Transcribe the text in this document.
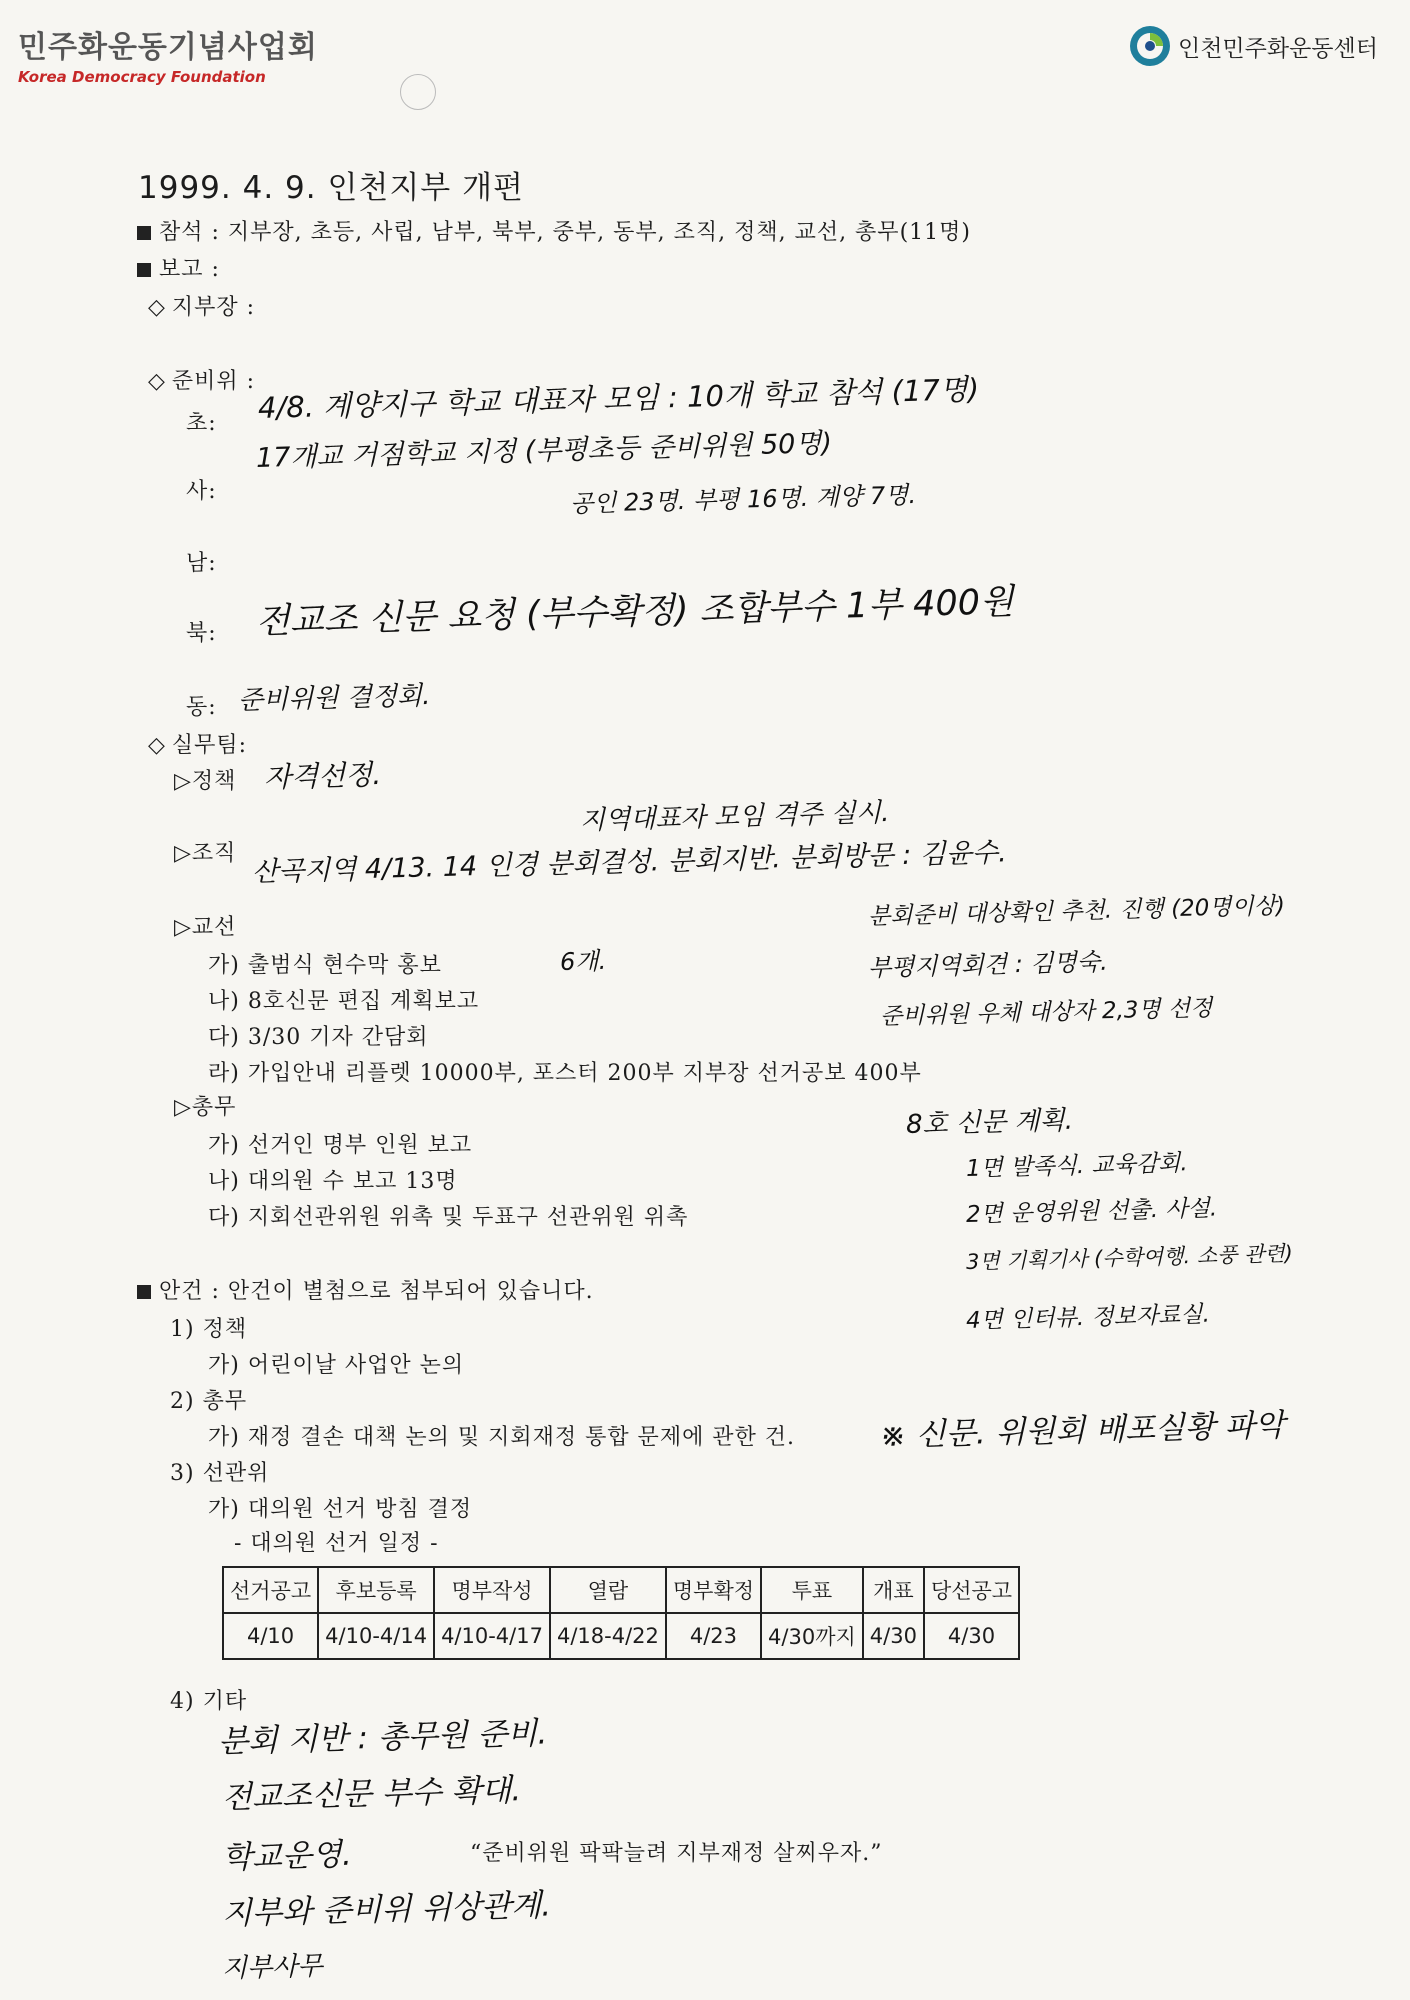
민주화운동기념사업회
Korea Democracy Foundation
인천민주화운동센터
1999. 4. 9. 인천지부 개편
참석 : 지부장, 초등, 사립, 남부, 북부, 중부, 동부, 조직, 정책, 교선, 총무(11명)
보고 :
◇ 지부장 :
◇ 준비위 :
초:
사:
남:
북:
동:
4/8. 계양지구 학교 대표자 모임 : 10개 학교 참석 (17명)
17개교 거점학교 지정 (부평초등 준비위원 50명)
공인 23명. 부평 16명. 계양 7명.
전교조 신문 요청 (부수확정) 조합부수 1부 400원
준비위원 결정회.
◇ 실무팀:
▷정책 자격선정.
지역대표자 모임 격주 실시.
▷조직 산곡지역 4/13. 14 인경 분회결성. 분회지반. 분회방문 : 김윤수.
분회준비 대상확인 추천. 진행 (20명이상)
부평지역회견 : 김명숙.
준비위원 우체 대상자 2,3명 선정
▷교선
가) 출범식 현수막 홍보	6개.
나) 8호신문 편집 계획보고
다) 3/30 기자 간담회
라) 가입안내 리플렛 10000부, 포스터 200부 지부장 선거공보 400부
▷총무
가) 선거인 명부 인원 보고
나) 대의원 수 보고 13명
다) 지회선관위원 위촉 및 두표구 선관위원 위촉
8호 신문 계획.
1면 발족식. 교육감회.
2면 운영위원 선출. 사설.
3면 기획기사 (수학여행. 소풍 관련)
4면 인터뷰. 정보자료실.
안건 : 안건이 별첨으로 첨부되어 있습니다.
1) 정책
가) 어린이날 사업안 논의
2) 총무
가) 재정 결손 대책 논의 및 지회재정 통합 문제에 관한 건.	※ 신문. 위원회 배포실황 파악
3) 선관위
가) 대의원 선거 방침 결정
- 대의원 선거 일정 -
선거공고	후보등록	명부작성	열람	명부확정	투표	개표	당선공고
4/10	4/10-4/14	4/10-4/17	4/18-4/22	4/23	4/30까지	4/30	4/30
4) 기타
분회 지반 : 총무원 준비.
전교조신문 부수 확대.
학교운영.	“준비위원 팍팍늘려 지부재정 살찌우자.”
지부와 준비위 위상관계.
지부사무
